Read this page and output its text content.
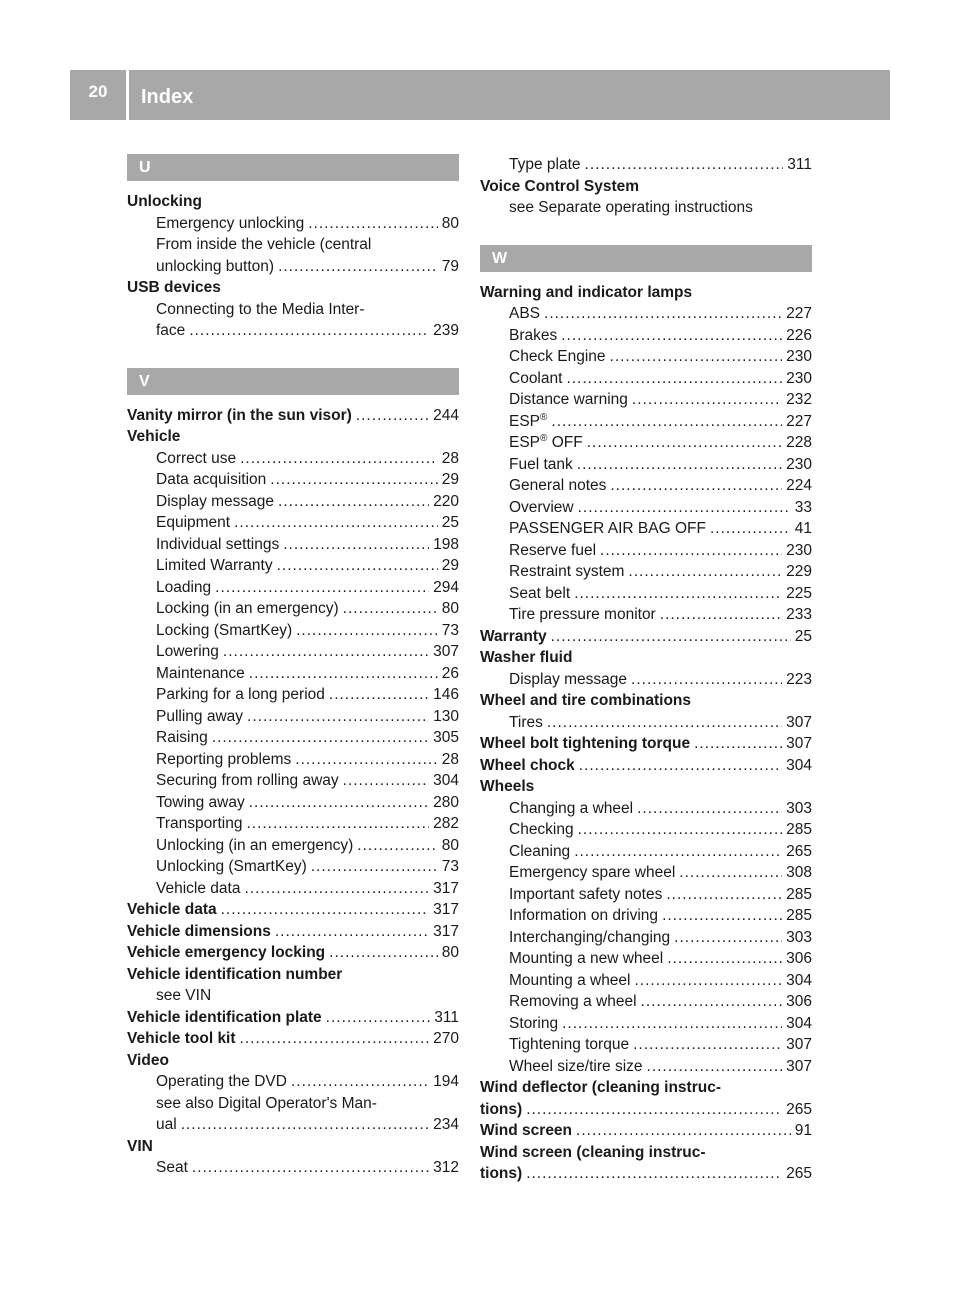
20	Index
U
Unlocking
Emergency unlocking .....	80
From inside the vehicle (central
unlocking button) .....	79
USB devices
Connecting to the Media Inter-
face .....	239
V
Vanity mirror (in the sun visor) .....	244
Vehicle
Correct use .....	28
Data acquisition .....	29
Display message .....	220
Equipment .....	25
Individual settings .....	198
Limited Warranty .....	29
Loading .....	294
Locking (in an emergency) .....	80
Locking (SmartKey) .....	73
Lowering .....	307
Maintenance .....	26
Parking for a long period .....	146
Pulling away .....	130
Raising .....	305
Reporting problems .....	28
Securing from rolling away .....	304
Towing away .....	280
Transporting .....	282
Unlocking (in an emergency) .....	80
Unlocking (SmartKey) .....	73
Vehicle data .....	317
Vehicle data .....	317
Vehicle dimensions .....	317
Vehicle emergency locking .....	80
Vehicle identification number
see VIN
Vehicle identification plate .....	311
Vehicle tool kit .....	270
Video
Operating the DVD .....	194
see also Digital Operator's Man-
ual .....	234
VIN
Seat .....	312
Type plate .....	311
Voice Control System
see Separate operating instructions
W
Warning and indicator lamps
ABS .....	227
Brakes .....	226
Check Engine .....	230
Coolant .....	230
Distance warning .....	232
ESP® .....	227
ESP® OFF .....	228
Fuel tank .....	230
General notes .....	224
Overview .....	33
PASSENGER AIR BAG OFF .....	41
Reserve fuel .....	230
Restraint system .....	229
Seat belt .....	225
Tire pressure monitor .....	233
Warranty .....	25
Washer fluid
Display message .....	223
Wheel and tire combinations
Tires .....	307
Wheel bolt tightening torque .....	307
Wheel chock .....	304
Wheels
Changing a wheel .....	303
Checking .....	285
Cleaning .....	265
Emergency spare wheel .....	308
Important safety notes .....	285
Information on driving .....	285
Interchanging/changing .....	303
Mounting a new wheel .....	306
Mounting a wheel .....	304
Removing a wheel .....	306
Storing .....	304
Tightening torque .....	307
Wheel size/tire size .....	307
Wind deflector (cleaning instruc-
tions) .....	265
Wind screen .....	91
Wind screen (cleaning instruc-
tions) .....	265
